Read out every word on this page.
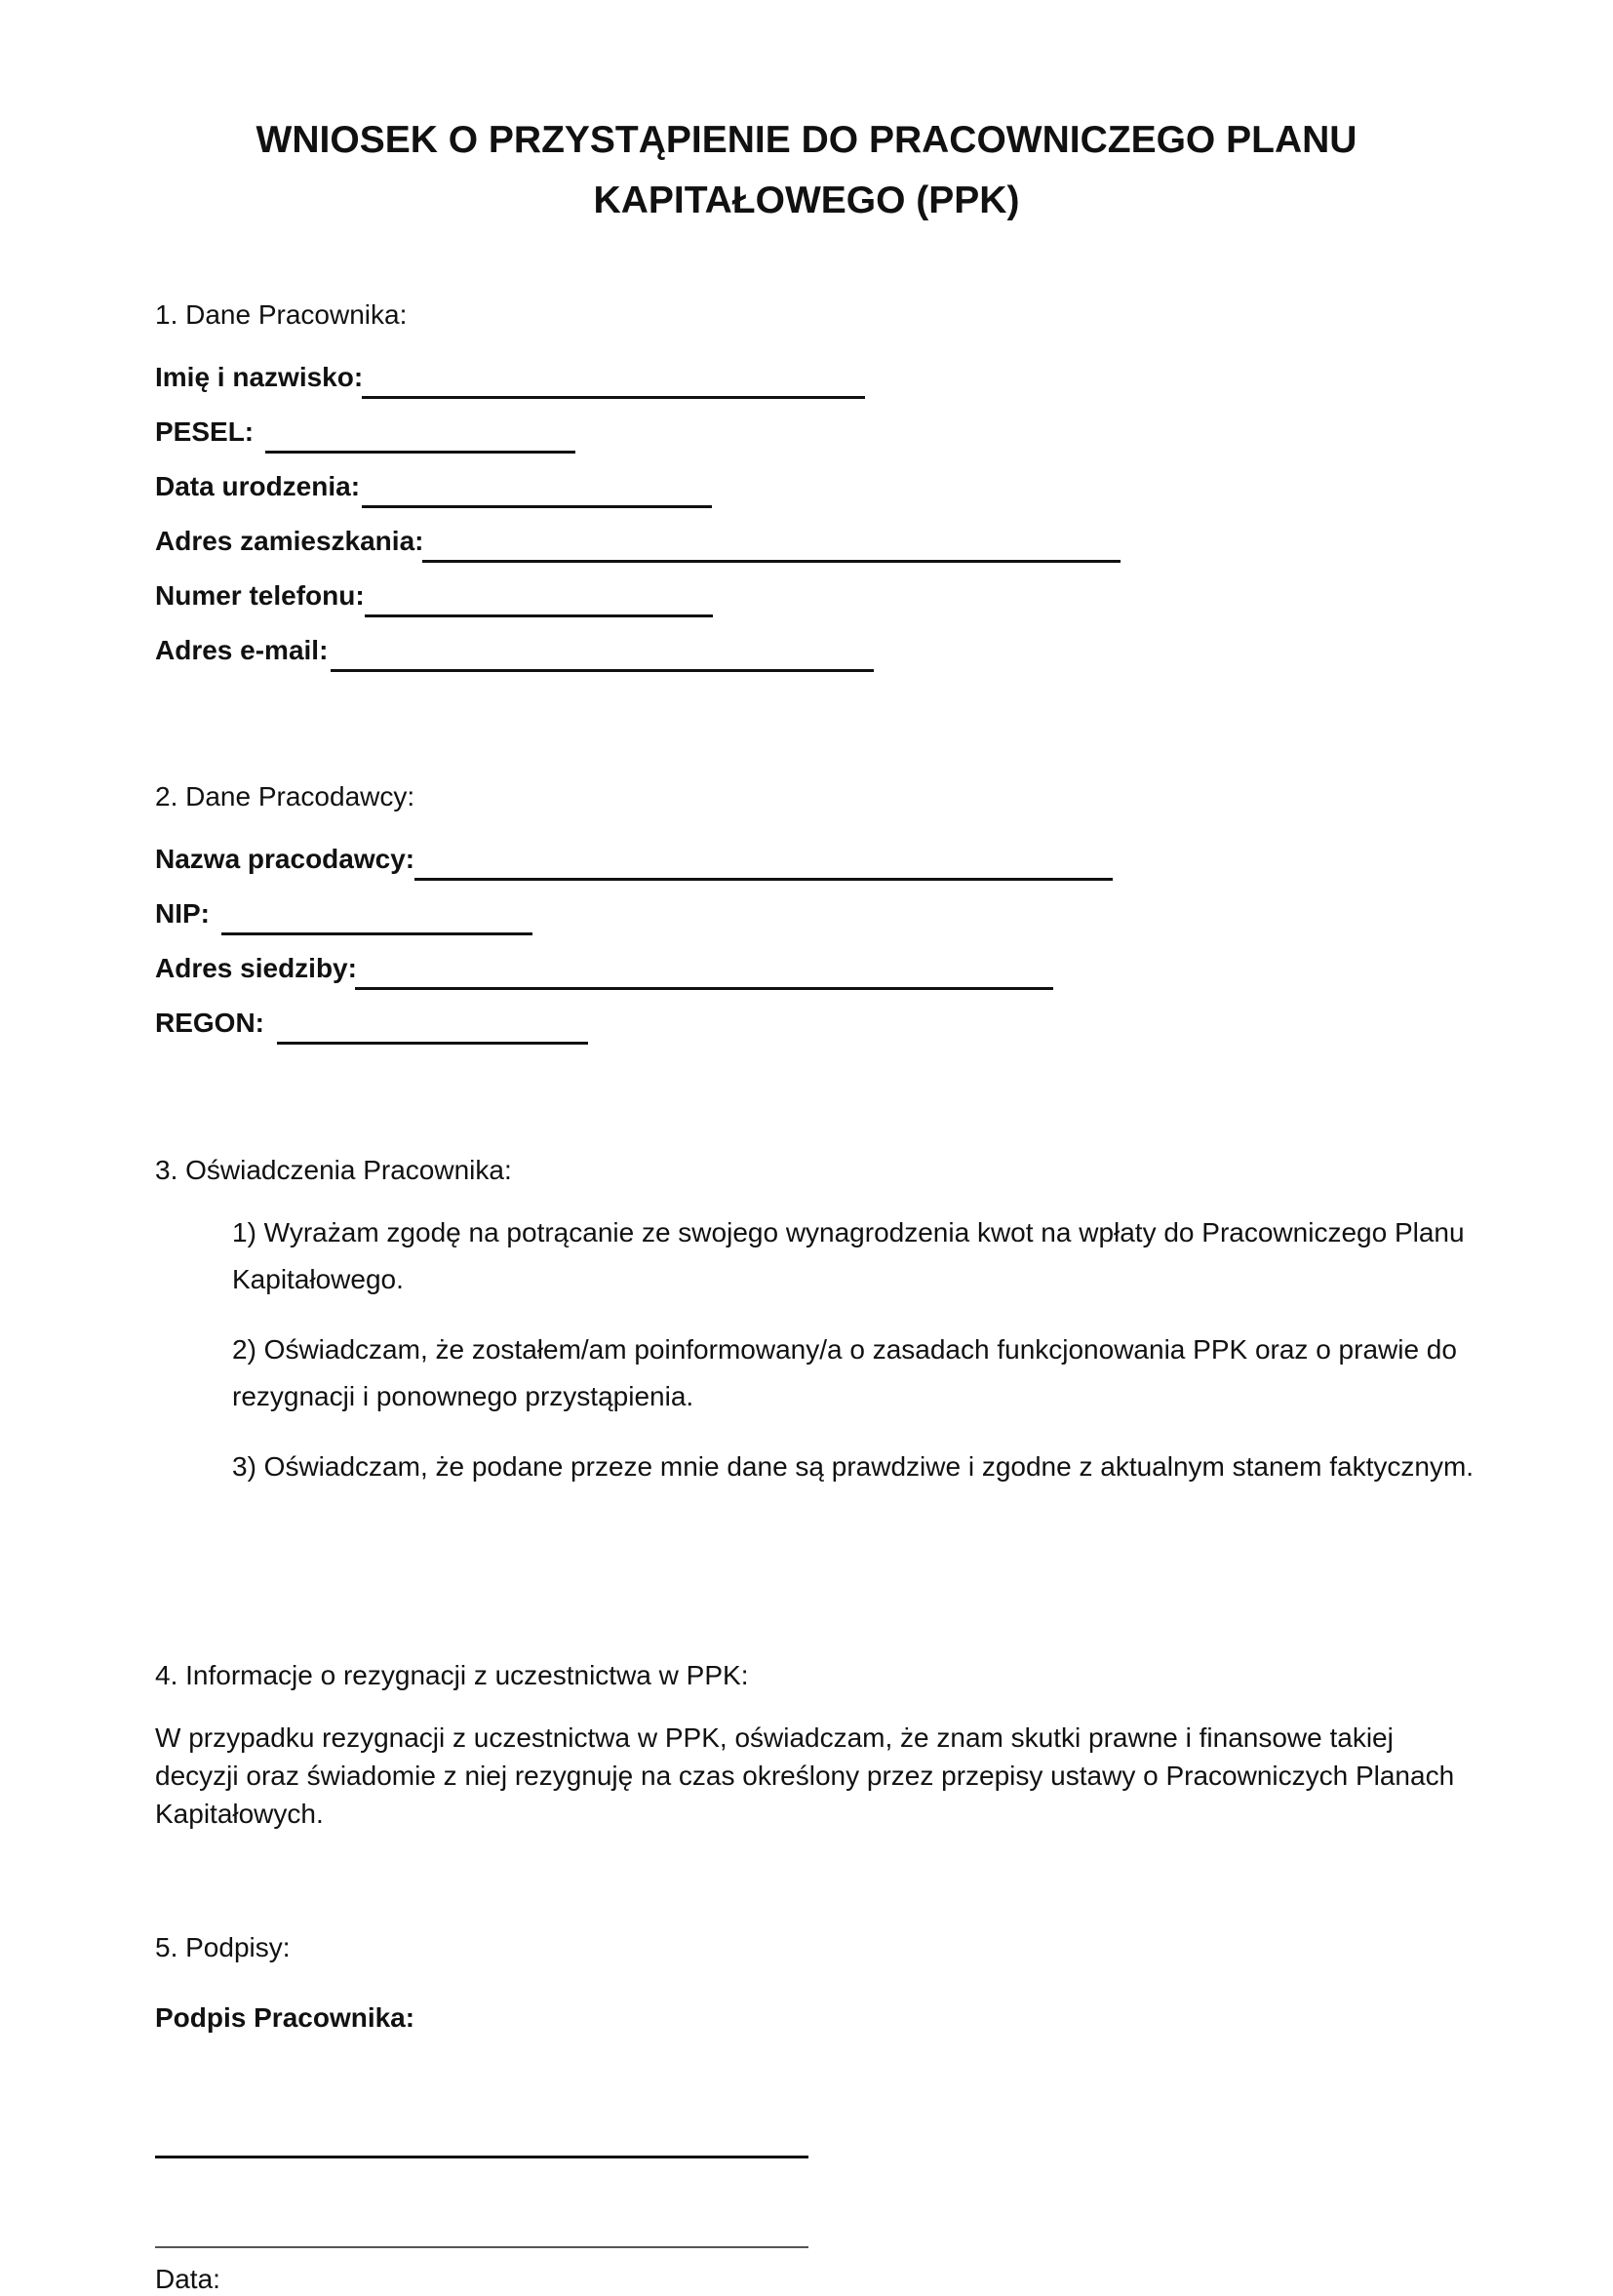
WNIOSEK O PRZYSTĄPIENIE DO PRACOWNICZEGO PLANU
KAPITAŁOWEGO (PPK)
1. Dane Pracownika:
Imię i nazwisko:
PESEL:
Data urodzenia:
Adres zamieszkania:
Numer telefonu:
Adres e-mail:
2. Dane Pracodawcy:
Nazwa pracodawcy:
NIP:
Adres siedziby:
REGON:
3. Oświadczenia Pracownika:
1) Wyrażam zgodę na potrącanie ze swojego wynagrodzenia kwot na wpłaty do Pracowniczego Planu Kapitałowego.
2) Oświadczam, że zostałem/am poinformowany/a o zasadach funkcjonowania PPK oraz o prawie do rezygnacji i ponownego przystąpienia.
3) Oświadczam, że podane przeze mnie dane są prawdziwe i zgodne z aktualnym stanem faktycznym.
4. Informacje o rezygnacji z uczestnictwa w PPK:
W przypadku rezygnacji z uczestnictwa w PPK, oświadczam, że znam skutki prawne i finansowe takiej decyzji oraz świadomie z niej rezygnuję na czas określony przez przepisy ustawy o Pracowniczych Planach Kapitałowych.
5. Podpisy:
Podpis Pracownika:
Data:
